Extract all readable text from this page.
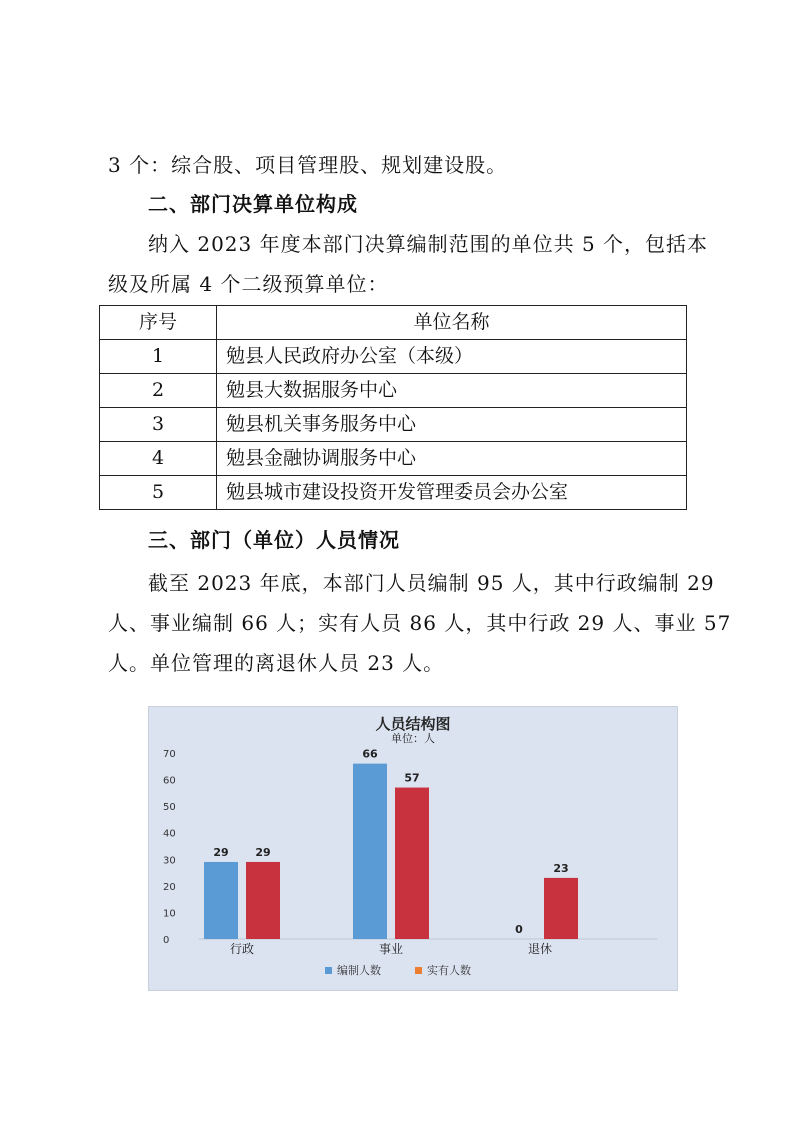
3 个：综合股、项目管理股、规划建设股。
二、部门决算单位构成
纳入 2023 年度本部门决算编制范围的单位共 5 个，包括本
级及所属 4 个二级预算单位：
序号	单位名称
1	勉县人民政府办公室（本级）
2	勉县大数据服务中心
3	勉县机关事务服务中心
4	勉县金融协调服务中心
5	勉县城市建设投资开发管理委员会办公室
三、部门（单位）人员情况
截至 2023 年底，本部门人员编制 95 人，其中行政编制 29
人、事业编制 66 人；实有人员 86 人，其中行政 29 人、事业 57
人。单位管理的离退休人员 23 人。
人员结构图
单位：人
0
10
20
30
40
50
60
70
29 29
行政
66
57
事业
0
23
退休
编制人数	实有人数
